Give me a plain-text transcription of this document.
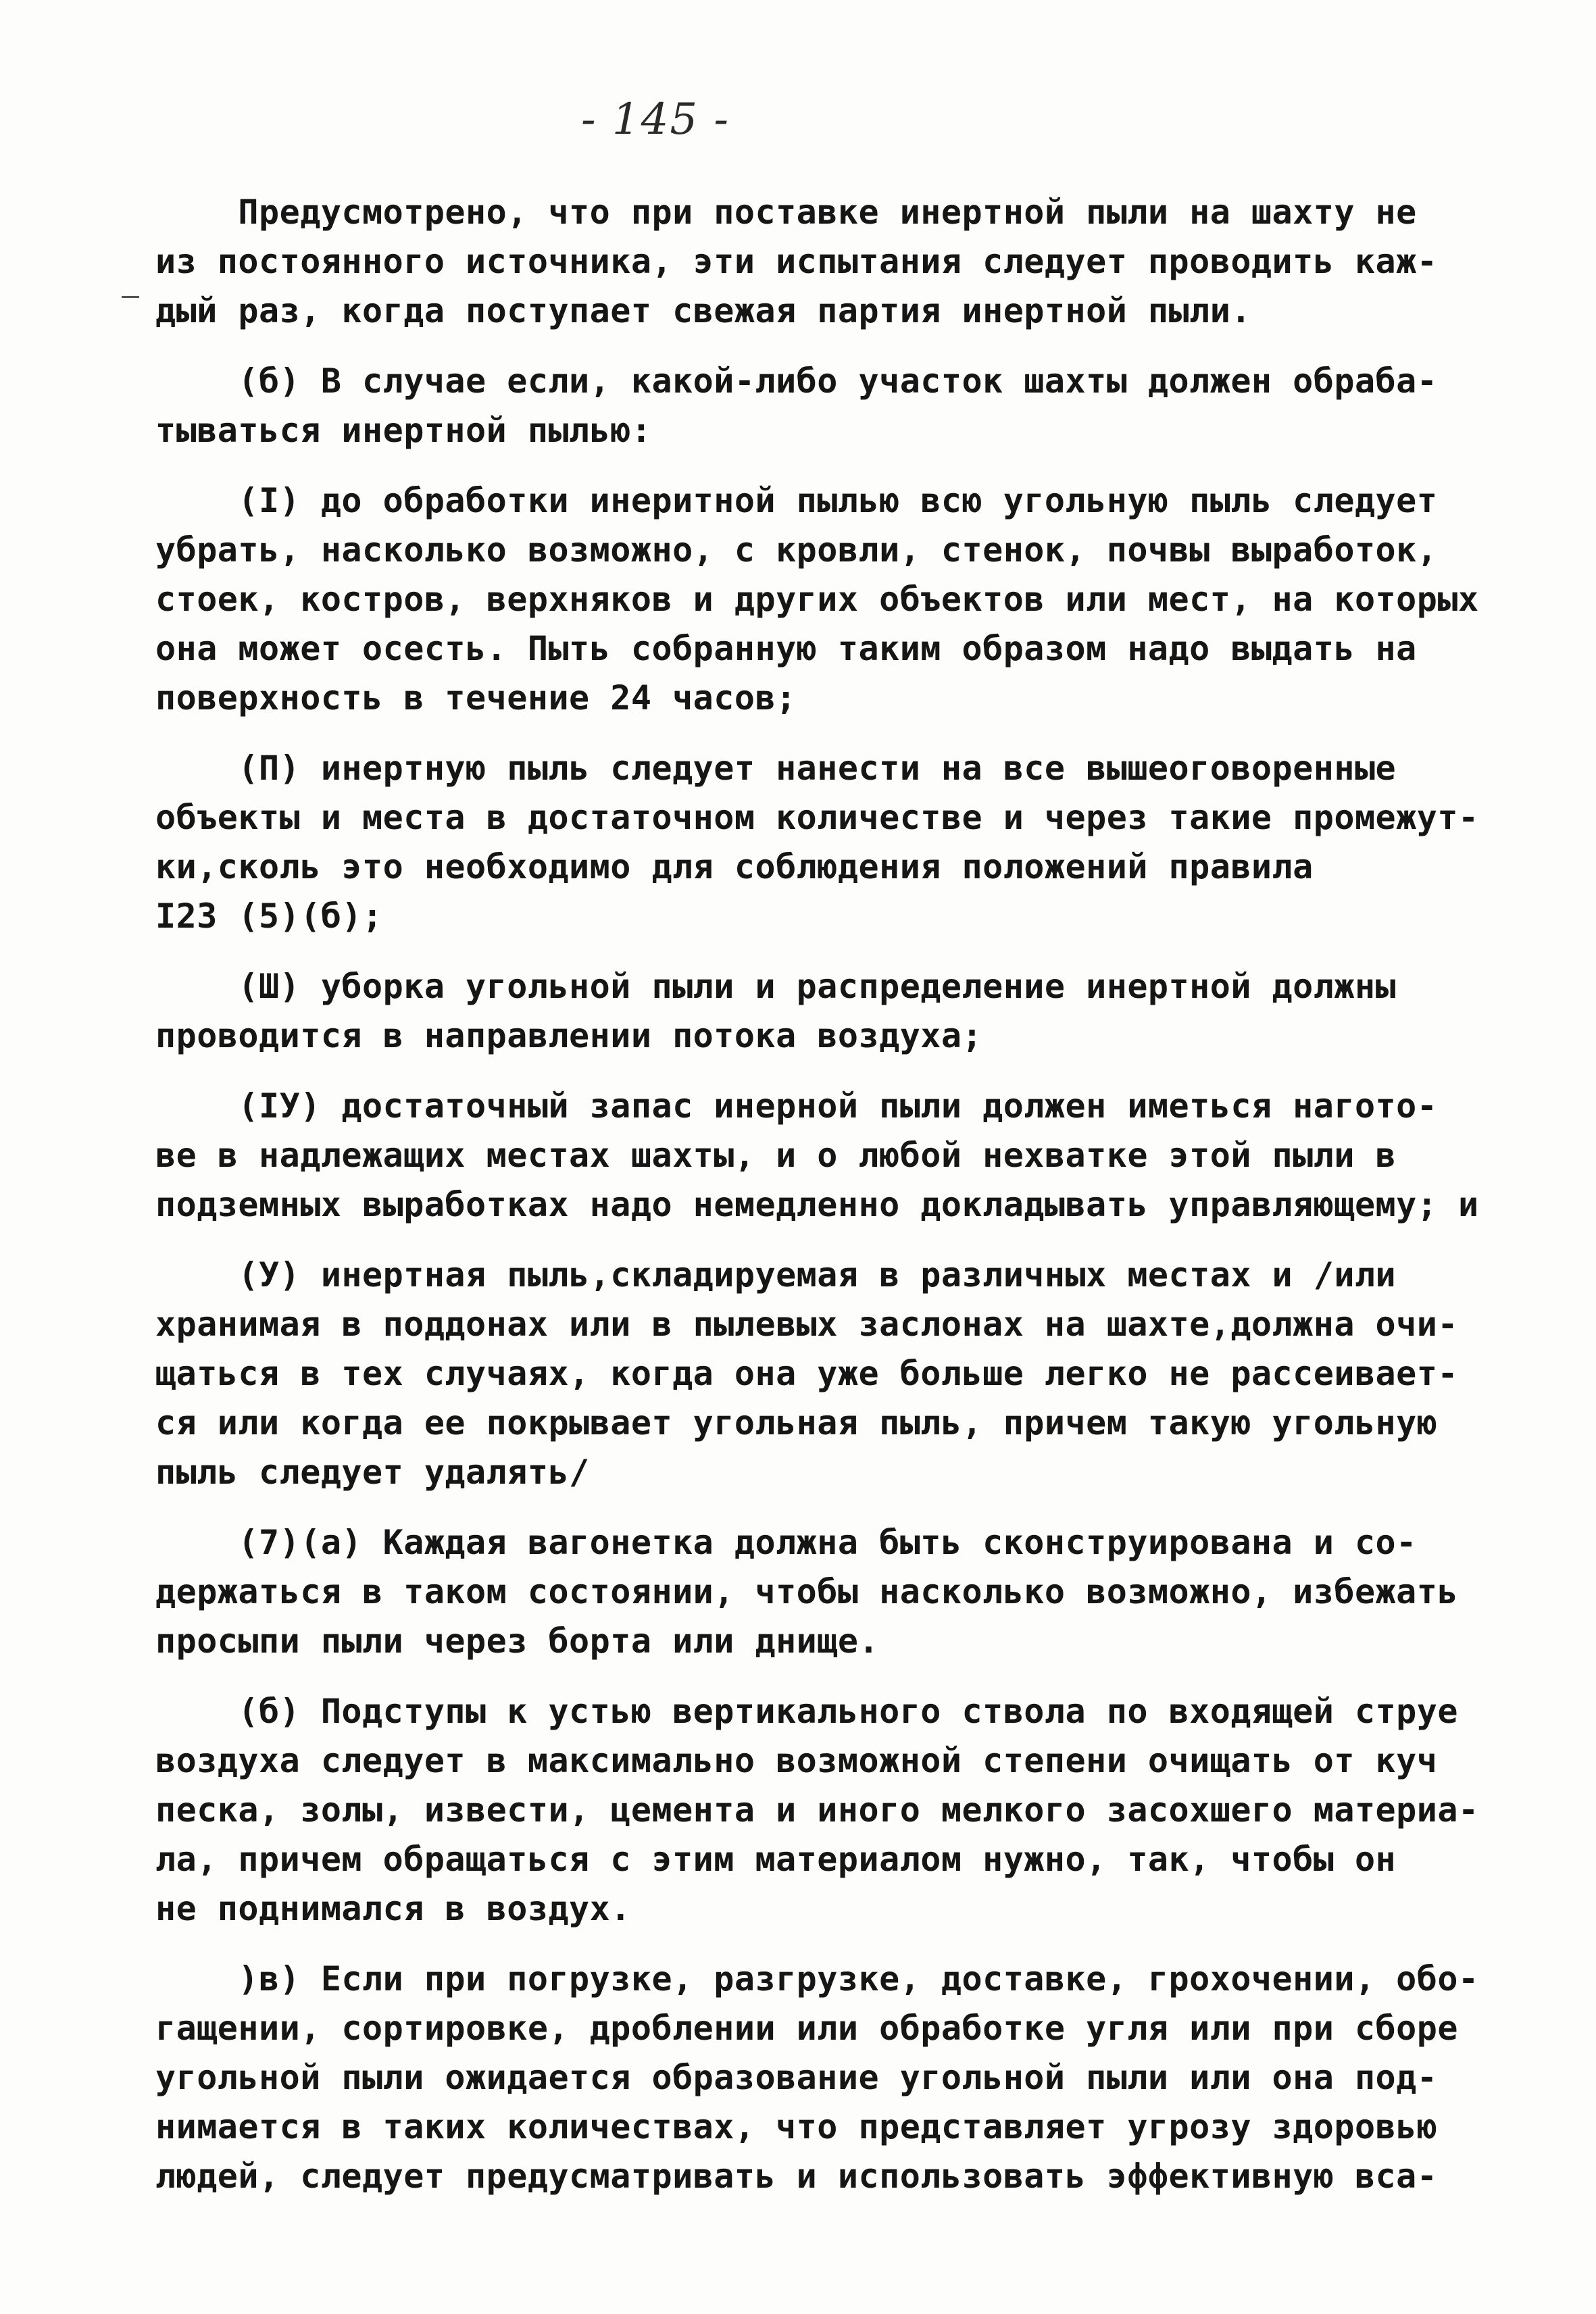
- 145 -
Предусмотрено, что при поставке инертной пыли на шахту не
из постоянного источника, эти испытания следует проводить каж-
дый раз, когда поступает свежая партия инертной пыли.
(б) В случае если, какой-либо участок шахты должен обраба-
тываться инертной пылью:
(I) до обработки инеритной пылью всю угольную пыль следует
убрать, насколько возможно, с кровли, стенок, почвы выработок,
стоек, костров, верхняков и других объектов или мест, на которых
она может осесть. Пыть собранную таким образом надо выдать на
поверхность в течение 24 часов;
(П) инертную пыль следует нанести на все вышеоговоренные
объекты и места в достаточном количестве и через такие промежут-
ки,сколь это необходимо для соблюдения положений правила
I23 (5)(б);
(Ш) уборка угольной пыли и распределение инертной должны
проводится в направлении потока воздуха;
(IУ) достаточный запас инерной пыли должен иметься нагото-
ве в надлежащих местах шахты, и о любой нехватке этой пыли в
подземных выработках надо немедленно докладывать управляющему; и
(У) инертная пыль,складируемая в различных местах и /или
хранимая в поддонах или в пылевых заслонах на шахте,должна очи-
щаться в тех случаях, когда она уже больше легко не рассеивает-
ся или когда ее покрывает угольная пыль, причем такую угольную
пыль следует удалять/
(7)(а) Каждая вагонетка должна быть сконструирована и со-
держаться в таком состоянии, чтобы насколько возможно, избежать
просыпи пыли через борта или днище.
(б) Подступы к устью вертикального ствола по входящей струе
воздуха следует в максимально возможной степени очищать от куч
песка, золы, извести, цемента и иного мелкого засохшего материа-
ла, причем обращаться с этим материалом нужно, так, чтобы он
не поднимался в воздух.
)в) Если при погрузке, разгрузке, доставке, грохочении, обо-
гащении, сортировке, дроблении или обработке угля или при сборе
угольной пыли ожидается образование угольной пыли или она под-
нимается в таких количествах, что представляет угрозу здоровью
людей, следует предусматривать и использовать эффективную вса-
